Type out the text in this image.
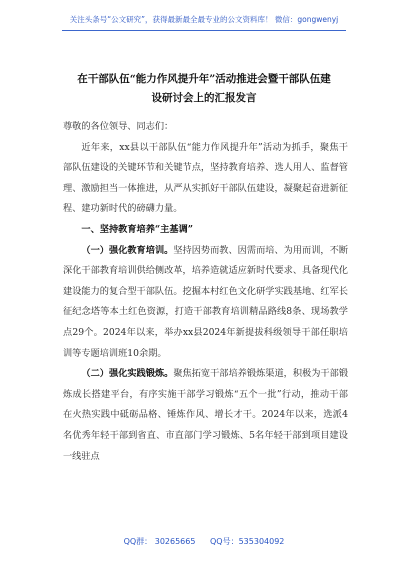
关注头条号“公文研究”，获得最新最全最专业的公文资料库！ 微信：gongwenyj
在干部队伍“能力作风提升年”活动推进会暨干部队伍建
设研讨会上的汇报发言

尊敬的各位领导、同志们：

近年来，xx县以干部队伍“能力作风提升年”活动为抓手，聚焦干部队伍建设的关键环节和关键节点，坚持教育培养、选人用人、监督管理、激励担当一体推进，从严从实抓好干部队伍建设，凝聚起奋进新征程、建功新时代的磅礴力量。

一、坚持教育培养“主基调”

（一）强化教育培训。坚持因势而教、因需而培、为用而训，不断深化干部教育培训供给侧改革，培养造就适应新时代要求、具备现代化建设能力的复合型干部队伍。挖掘本村红色文化研学实践基地、红军长征纪念塔等本土红色资源，打造干部教育培训精品路线8条、现场教学点29个。2024年以来，举办xx县2024年新提拔科级领导干部任职培训等专题培训班10余期。

（二）强化实践锻炼。聚焦拓宽干部培养锻炼渠道，积极为干部锻炼成长搭建平台，有序实施干部学习锻炼“五个一批”行动，推动干部在火热实践中砥砺品格、锤炼作风、增长才干。2024年以来，选派4名优秀年轻干部到省直、市直部门学习锻炼、5名年轻干部到项目建设一线驻点

QQ群： 30265665 QQ号：535304092
